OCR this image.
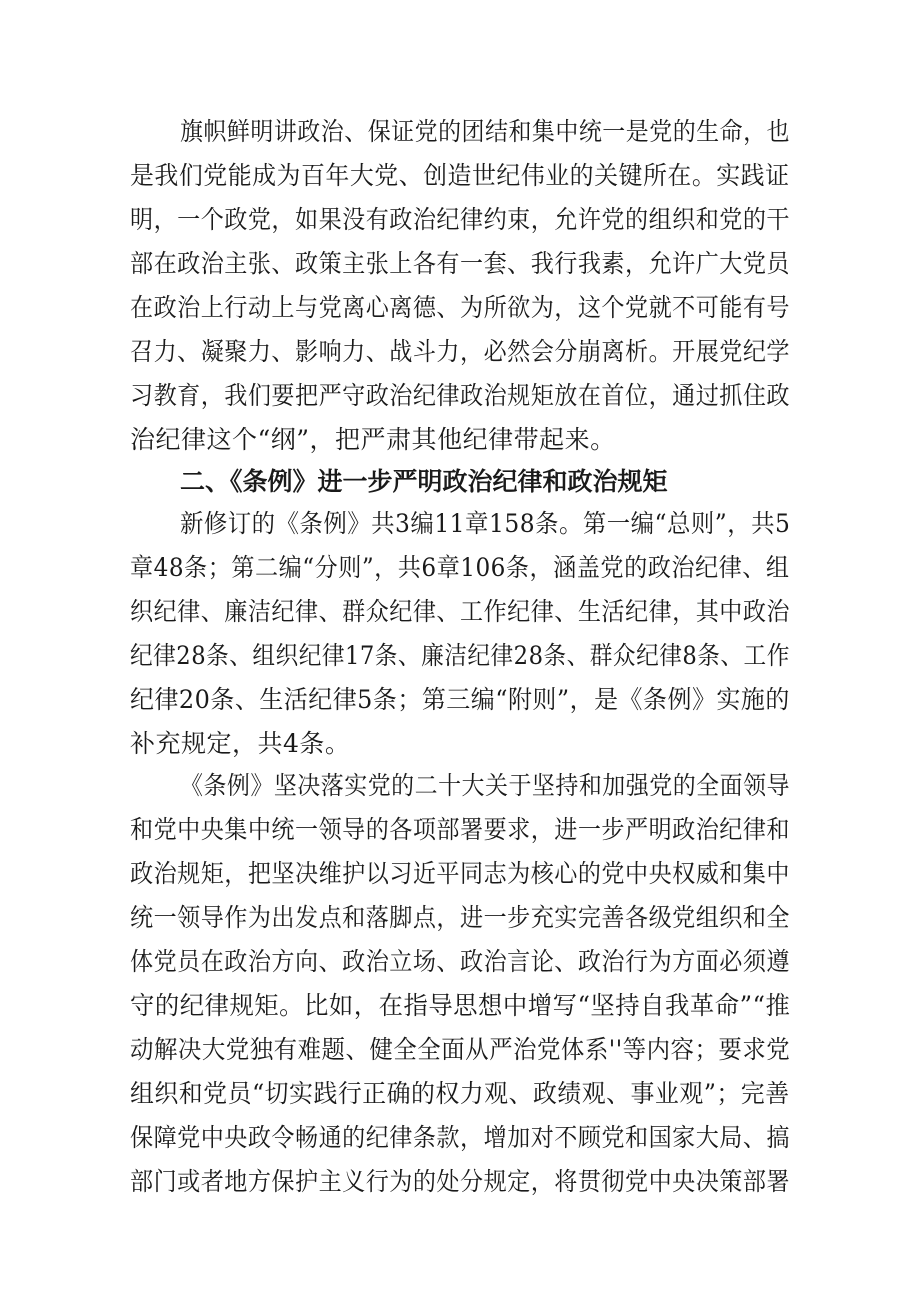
旗帜鲜明讲政治、保证党的团结和集中统一是党的生命，也
是我们党能成为百年大党、创造世纪伟业的关键所在。实践证
明，一个政党，如果没有政治纪律约束，允许党的组织和党的干
部在政治主张、政策主张上各有一套、我行我素，允许广大党员
在政治上行动上与党离心离德、为所欲为，这个党就不可能有号
召力、凝聚力、影响力、战斗力，必然会分崩离析。开展党纪学
习教育，我们要把严守政治纪律政治规矩放在首位，通过抓住政
治纪律这个“纲”，把严肃其他纪律带起来。
二、《条例》进一步严明政治纪律和政治规矩
新修订的《条例》共3编11章158条。第一编“总则”，共5
章48条；第二编“分则”，共6章106条，涵盖党的政治纪律、组
织纪律、廉洁纪律、群众纪律、工作纪律、生活纪律，其中政治
纪律28条、组织纪律17条、廉洁纪律28条、群众纪律8条、工作
纪律20条、生活纪律5条；第三编“附则”，是《条例》实施的
补充规定，共4条。
《条例》坚决落实党的二十大关于坚持和加强党的全面领导
和党中央集中统一领导的各项部署要求，进一步严明政治纪律和
政治规矩，把坚决维护以习近平同志为核心的党中央权威和集中
统一领导作为出发点和落脚点，进一步充实完善各级党组织和全
体党员在政治方向、政治立场、政治言论、政治行为方面必须遵
守的纪律规矩。比如，在指导思想中增写“坚持自我革命”“推
动解决大党独有难题、健全全面从严治党体系''等内容；要求党
组织和党员“切实践行正确的权力观、政绩观、事业观”；完善
保障党中央政令畅通的纪律条款，增加对不顾党和国家大局、搞
部门或者地方保护主义行为的处分规定，将贯彻党中央决策部署
